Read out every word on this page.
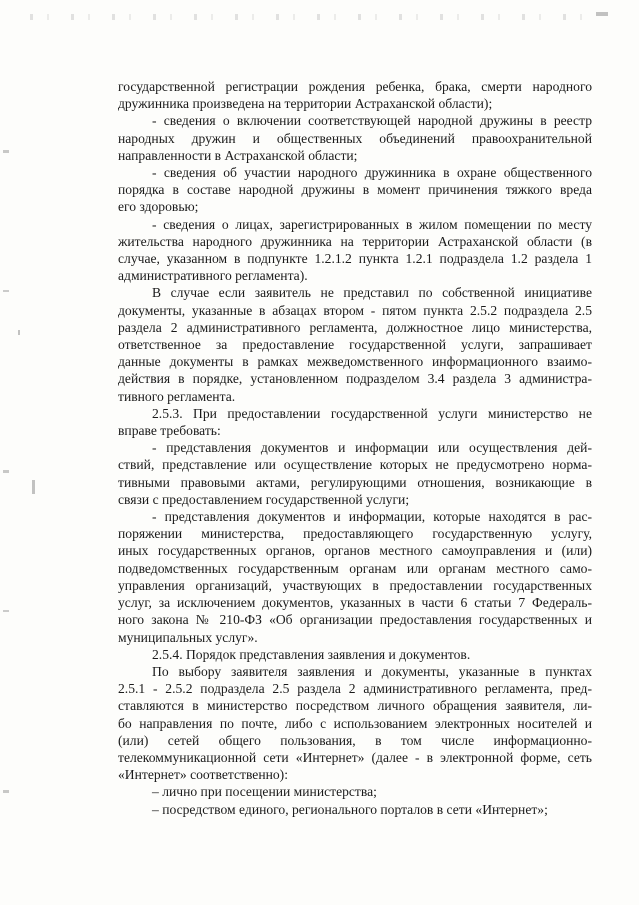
государственной регистрации рождения ребенка, брака, смерти народного
дружинника произведена на территории Астраханской области);
- сведения о включении соответствующей народной дружины в реестр
народных дружин и общественных объединений правоохранительной
направленности в Астраханской области;
- сведения об участии народного дружинника в охране общественного
порядка в составе народной дружины в момент причинения тяжкого вреда
его здоровью;
- сведения о лицах, зарегистрированных в жилом помещении по месту
жительства народного дружинника на территории Астраханской области (в
случае, указанном в подпункте 1.2.1.2 пункта 1.2.1 подраздела 1.2 раздела 1
административного регламента).
В случае если заявитель не представил по собственной инициативе
документы, указанные в абзацах втором - пятом пункта 2.5.2 подраздела 2.5
раздела 2 административного регламента, должностное лицо министерства,
ответственное за предоставление государственной услуги, запрашивает
данные документы в рамках межведомственного информационного взаимо-
действия в порядке, установленном подразделом 3.4 раздела 3 администра-
тивного регламента.
2.5.3. При предоставлении государственной услуги министерство не
вправе требовать:
- представления документов и информации или осуществления дей-
ствий, представление или осуществление которых не предусмотрено норма-
тивными правовыми актами, регулирующими отношения, возникающие в
связи с предоставлением государственной услуги;
- представления документов и информации, которые находятся в рас-
поряжении министерства, предоставляющего государственную услугу,
иных государственных органов, органов местного самоуправления и (или)
подведомственных государственным органам или органам местного само-
управления организаций, участвующих в предоставлении государственных
услуг, за исключением документов, указанных в части 6 статьи 7 Федераль-
ного закона № 210-ФЗ «Об организации предоставления государственных и
муниципальных услуг».
2.5.4. Порядок представления заявления и документов.
По выбору заявителя заявления и документы, указанные в пунктах
2.5.1 - 2.5.2 подраздела 2.5 раздела 2 административного регламента, пред-
ставляются в министерство посредством личного обращения заявителя, ли-
бо направления по почте, либо с использованием электронных носителей и
(или) сетей общего пользования, в том числе информационно-
телекоммуникационной сети «Интернет» (далее - в электронной форме, сеть
«Интернет» соответственно):
– лично при посещении министерства;
– посредством единого, регионального порталов в сети «Интернет»;
